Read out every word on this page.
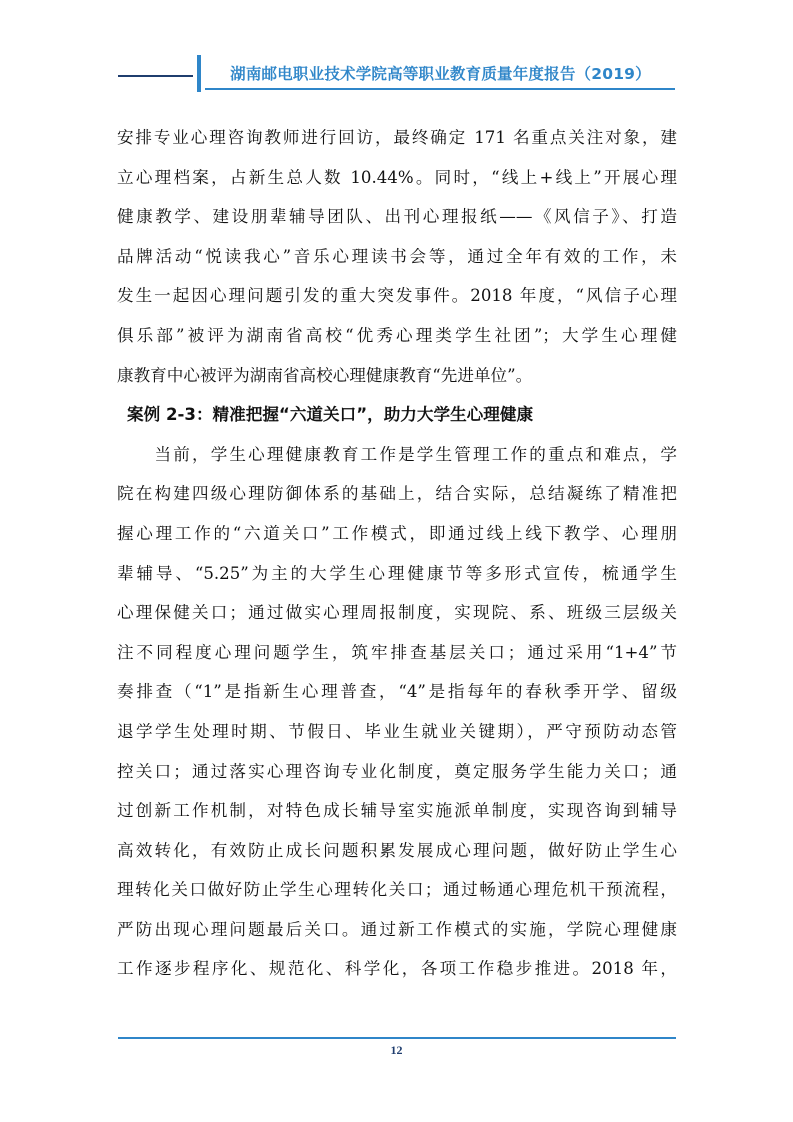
湖南邮电职业技术学院高等职业教育质量年度报告（2019）
安排专业心理咨询教师进行回访，最终确定 171 名重点关注对象，建
立心理档案，占新生总人数 10.44%。同时，“线上+线上”开展心理
健康教学、建设朋辈辅导团队、出刊心理报纸——《风信子》、打造
品牌活动“悦读我心”音乐心理读书会等，通过全年有效的工作，未
发生一起因心理问题引发的重大突发事件。2018 年度，“风信子心理
俱乐部”被评为湖南省高校“优秀心理类学生社团”；大学生心理健
康教育中心被评为湖南省高校心理健康教育“先进单位”。
案例 2-3：精准把握“六道关口”，助力大学生心理健康
　　当前，学生心理健康教育工作是学生管理工作的重点和难点，学
院在构建四级心理防御体系的基础上，结合实际，总结凝练了精准把
握心理工作的“六道关口”工作模式，即通过线上线下教学、心理朋
辈辅导、“5.25”为主的大学生心理健康节等多形式宣传，梳通学生
心理保健关口；通过做实心理周报制度，实现院、系、班级三层级关
注不同程度心理问题学生，筑牢排查基层关口；通过采用“1+4”节
奏排查（“1”是指新生心理普查，“4”是指每年的春秋季开学、留级
退学学生处理时期、节假日、毕业生就业关键期），严守预防动态管
控关口；通过落实心理咨询专业化制度，奠定服务学生能力关口；通
过创新工作机制，对特色成长辅导室实施派单制度，实现咨询到辅导
高效转化，有效防止成长问题积累发展成心理问题，做好防止学生心
理转化关口做好防止学生心理转化关口；通过畅通心理危机干预流程，
严防出现心理问题最后关口。通过新工作模式的实施，学院心理健康
工作逐步程序化、规范化、科学化，各项工作稳步推进。2018 年，
12
